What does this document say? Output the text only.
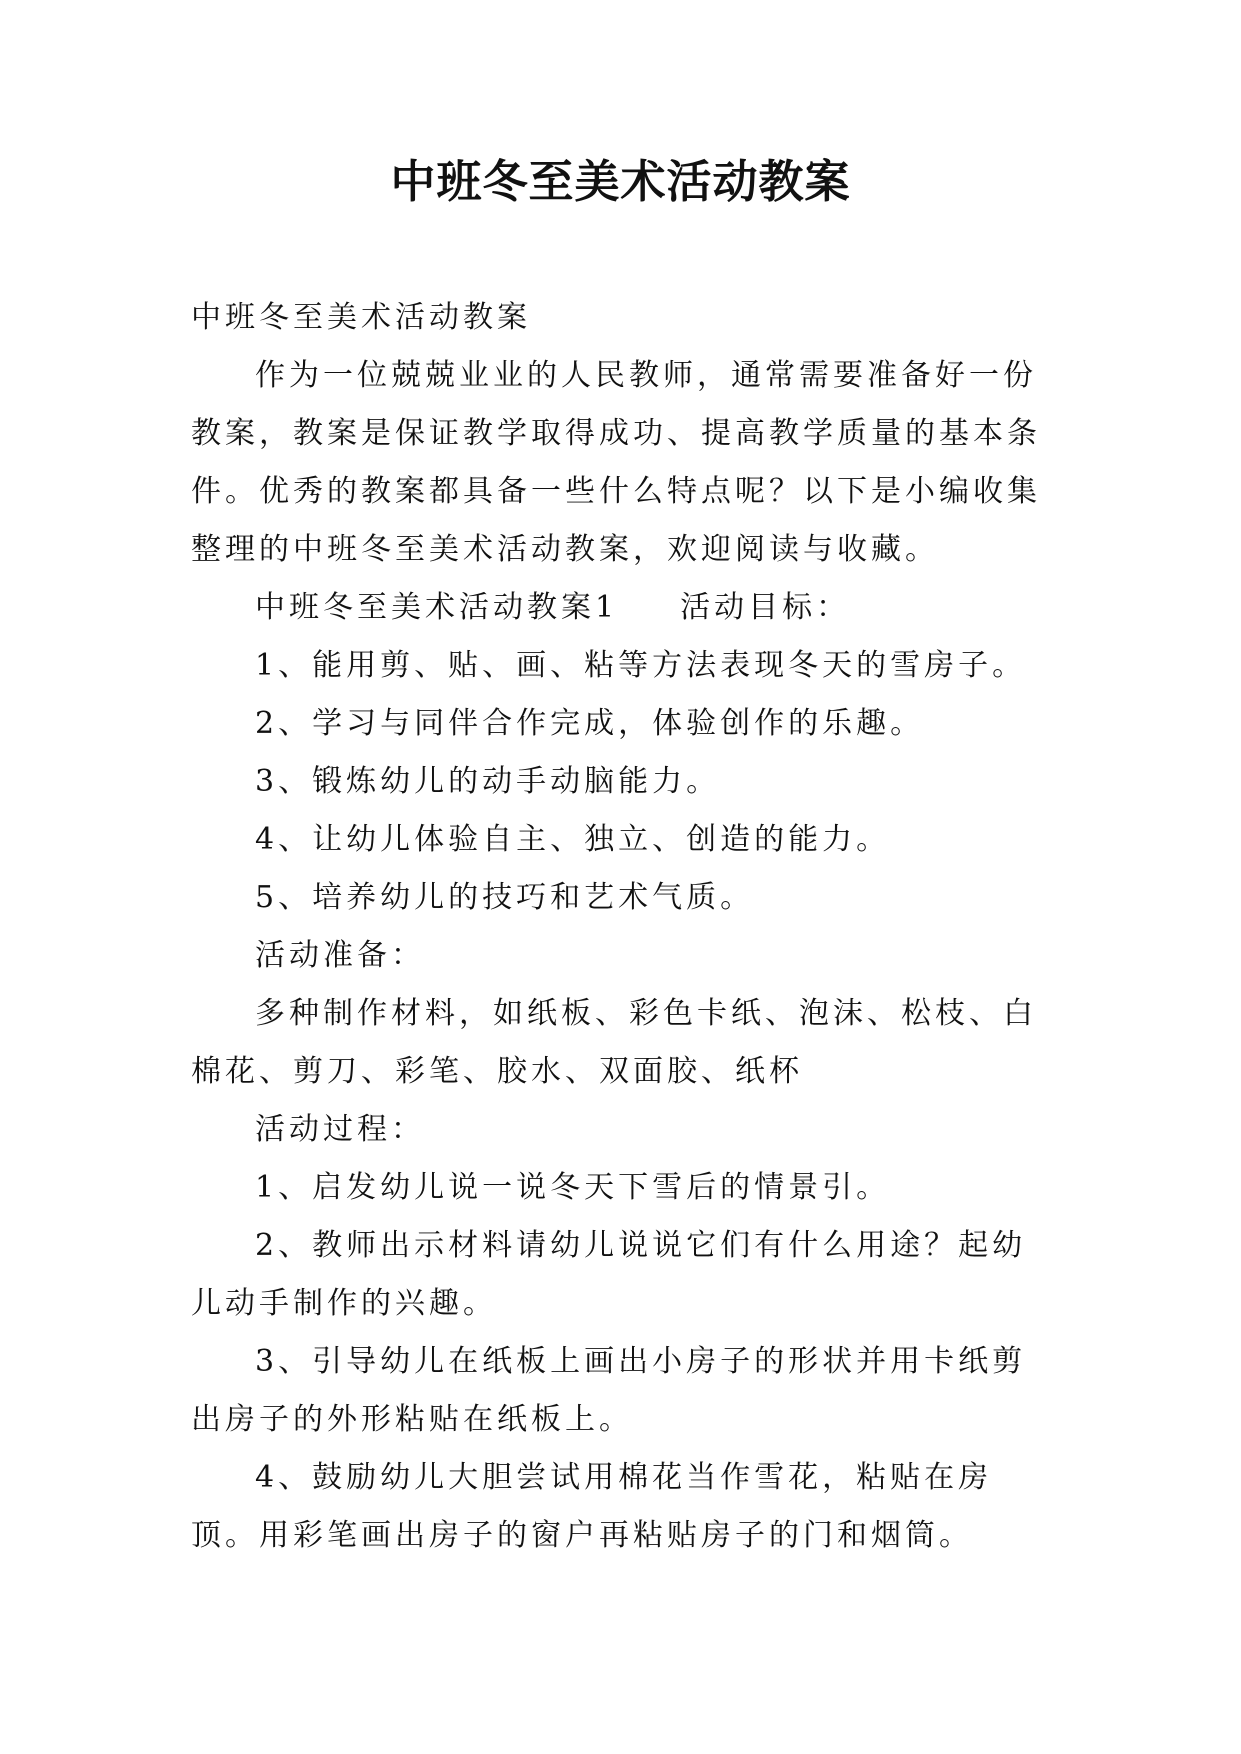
中班冬至美术活动教案

中班冬至美术活动教案

作为一位兢兢业业的人民教师，通常需要准备好一份教案，教案是保证教学取得成功、提高教学质量的基本条件。优秀的教案都具备一些什么特点呢？以下是小编收集整理的中班冬至美术活动教案，欢迎阅读与收藏。

中班冬至美术活动教案1 活动目标：

1、能用剪、贴、画、粘等方法表现冬天的雪房子。

2、学习与同伴合作完成，体验创作的乐趣。

3、锻炼幼儿的动手动脑能力。

4、让幼儿体验自主、独立、创造的能力。

5、培养幼儿的技巧和艺术气质。

活动准备：

多种制作材料，如纸板、彩色卡纸、泡沫、松枝、白棉花、剪刀、彩笔、胶水、双面胶、纸杯

活动过程：

1、启发幼儿说一说冬天下雪后的情景引。

2、教师出示材料请幼儿说说它们有什么用途？起幼儿动手制作的兴趣。

3、引导幼儿在纸板上画出小房子的形状并用卡纸剪出房子的外形粘贴在纸板上。

4、鼓励幼儿大胆尝试用棉花当作雪花，粘贴在房顶。用彩笔画出房子的窗户再粘贴房子的门和烟筒。
